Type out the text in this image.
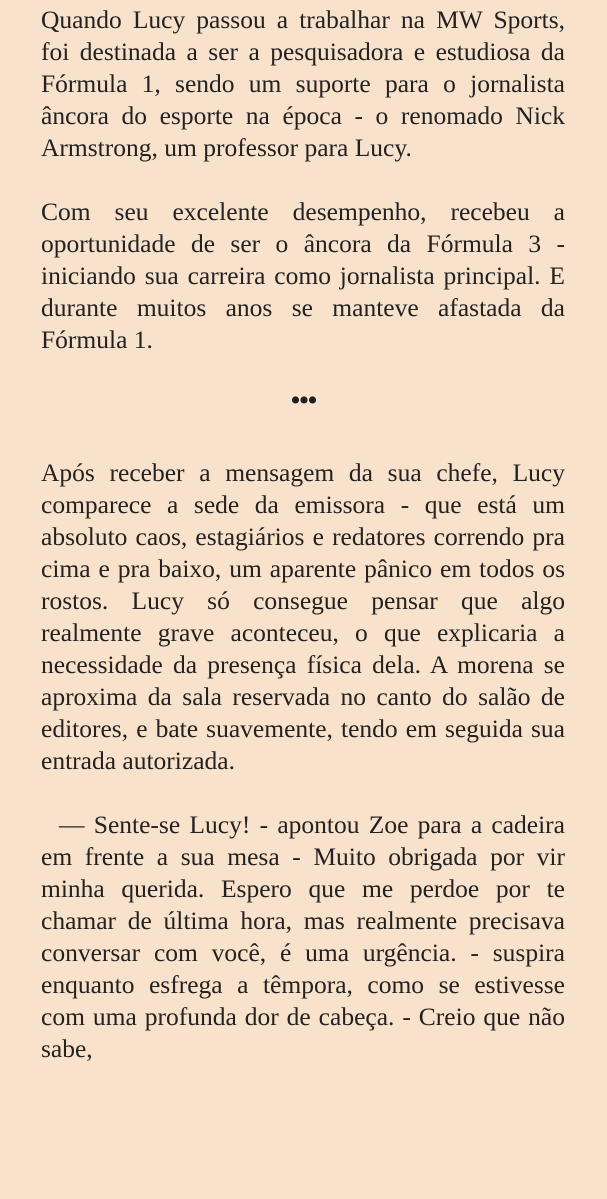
Quando Lucy passou a trabalhar na MW Sports, foi destinada a ser a pesquisadora e estudiosa da Fórmula 1, sendo um suporte para o jornalista âncora do esporte na época - o renomado Nick Armstrong, um professor para Lucy.

Com seu excelente desempenho, recebeu a oportunidade de ser o âncora da Fórmula 3 - iniciando sua carreira como jornalista principal. E durante muitos anos se manteve afastada da Fórmula 1.

•••

Após receber a mensagem da sua chefe, Lucy comparece a sede da emissora - que está um absoluto caos, estagiários e redatores correndo pra cima e pra baixo, um aparente pânico em todos os rostos. Lucy só consegue pensar que algo realmente grave aconteceu, o que explicaria a necessidade da presença física dela. A morena se aproxima da sala reservada no canto do salão de editores, e bate suavemente, tendo em seguida sua entrada autorizada.

— Sente-se Lucy! - apontou Zoe para a cadeira em frente a sua mesa - Muito obrigada por vir minha querida. Espero que me perdoe por te chamar de última hora, mas realmente precisava conversar com você, é uma urgência. - suspira enquanto esfrega a têmpora, como se estivesse com uma profunda dor de cabeça. - Creio que não sabe,
